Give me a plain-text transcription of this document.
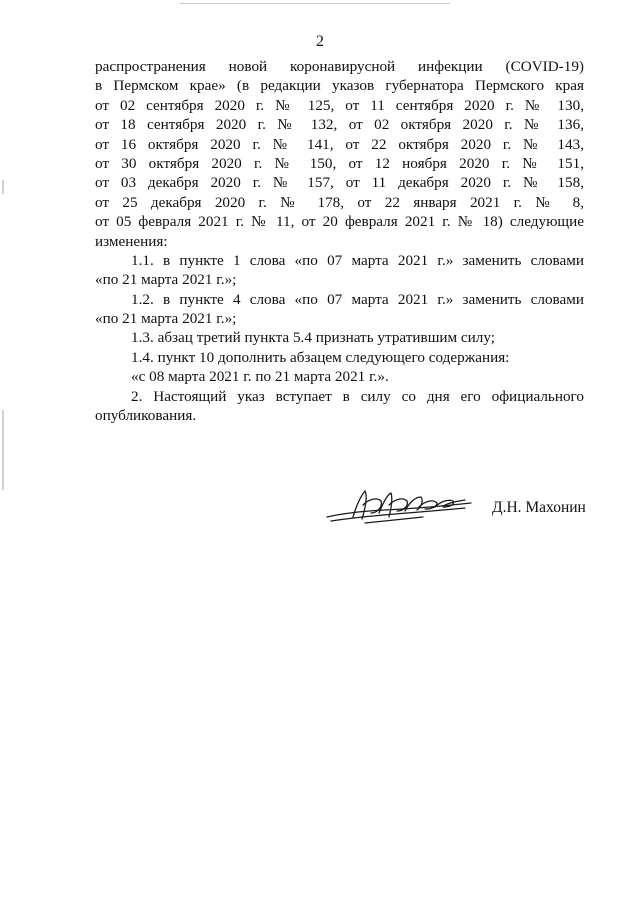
2
распространения новой коронавирусной инфекции (COVID-19)
в Пермском крае» (в редакции указов губернатора Пермского края
от 02 сентября 2020 г. № 125, от 11 сентября 2020 г. № 130,
от 18 сентября 2020 г. № 132, от 02 октября 2020 г. № 136,
от 16 октября 2020 г. № 141, от 22 октября 2020 г. № 143,
от 30 октября 2020 г. № 150, от 12 ноября 2020 г. № 151,
от 03 декабря 2020 г. № 157, от 11 декабря 2020 г. № 158,
от 25 декабря 2020 г. № 178, от 22 января 2021 г. № 8,
от 05 февраля 2021 г. № 11, от 20 февраля 2021 г. № 18) следующие
изменения:
1.1. в пункте 1 слова «по 07 марта 2021 г.» заменить словами
«по 21 марта 2021 г.»;
1.2. в пункте 4 слова «по 07 марта 2021 г.» заменить словами
«по 21 марта 2021 г.»;
1.3. абзац третий пункта 5.4 признать утратившим силу;
1.4. пункт 10 дополнить абзацем следующего содержания:
«с 08 марта 2021 г. по 21 марта 2021 г.».
2. Настоящий указ вступает в силу со дня его официального
опубликования.
Д.Н. Махонин
